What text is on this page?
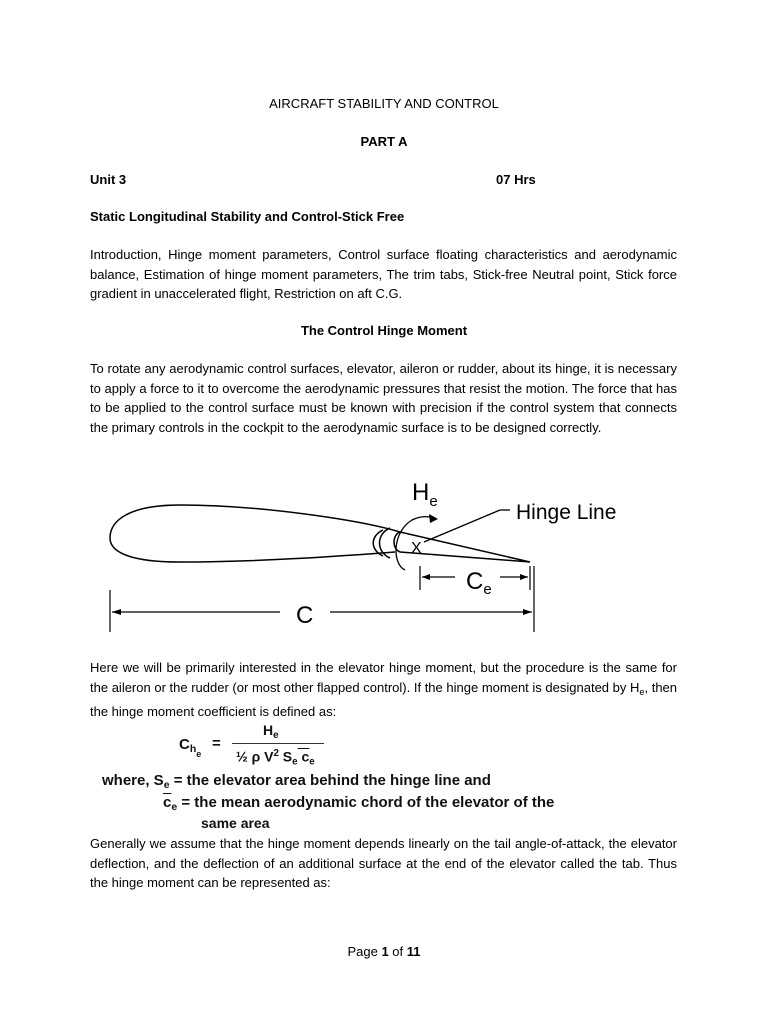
AIRCRAFT STABILITY AND CONTROL
PART A
Unit 3	07 Hrs
Static Longitudinal Stability and Control-Stick Free
Introduction, Hinge moment parameters, Control surface floating characteristics and aerodynamic balance, Estimation of hinge moment parameters, The trim tabs, Stick-free Neutral point, Stick force gradient in unaccelerated flight, Restriction on aft C.G.
The Control Hinge Moment
To rotate any aerodynamic control surfaces, elevator, aileron or rudder, about its hinge, it is necessary to apply a force to it to overcome the aerodynamic pressures that resist the motion. The force that has to be applied to the control surface must be known with precision if the control system that connects the primary controls in the cockpit to the aerodynamic surface is to be designed correctly.
$H_e$	Hinge Line
X
$C_e$
C
Here we will be primarily interested in the elevator hinge moment, but the procedure is the same for the aileron or the rudder (or most other flapped control). If the hinge moment is designated by $H_e$, then the hinge moment coefficient is defined as:
$C_{he}$
=
$H_e$
½ ρ $V^2$ $S_e$ $c_e$
where, $S_e$ = the elevator area behind the hinge line and
$\overline{c}_e$ = the mean aerodynamic chord of the elevator of the
same area
Generally we assume that the hinge moment depends linearly on the tail angle-of-attack, the elevator deflection, and the deflection of an additional surface at the end of the elevator called the tab. Thus the hinge moment can be represented as:
Page 1 of 11
